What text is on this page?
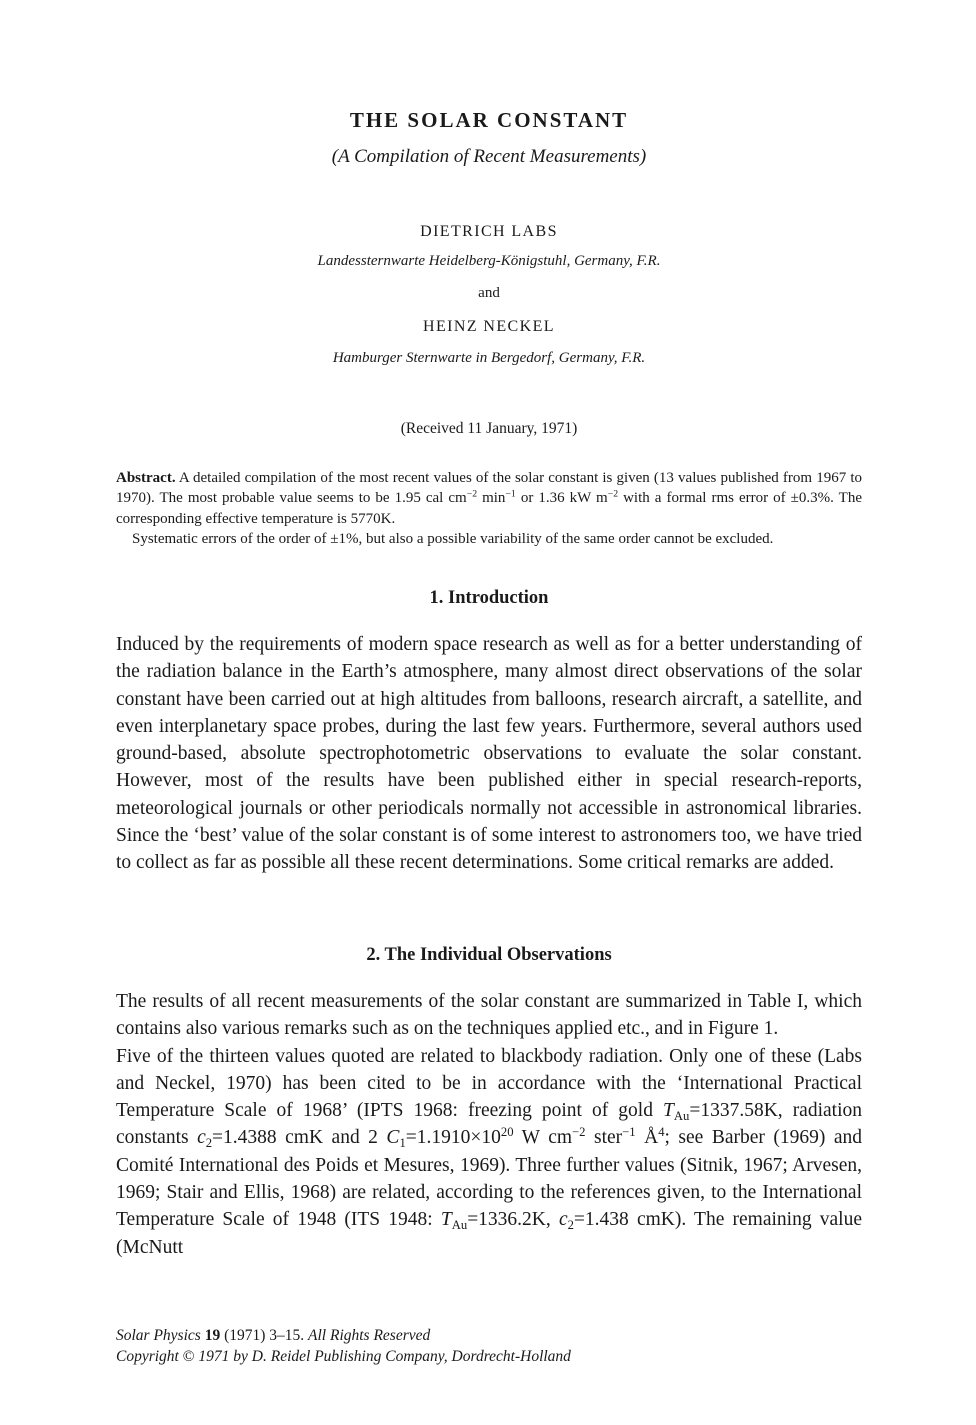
THE SOLAR CONSTANT
(A Compilation of Recent Measurements)
DIETRICH LABS
Landessternwarte Heidelberg-Königstuhl, Germany, F.R.
and
HEINZ NECKEL
Hamburger Sternwarte in Bergedorf, Germany, F.R.
(Received 11 January, 1971)

Abstract. A detailed compilation of the most recent values of the solar constant is given (13 values published from 1967 to 1970). The most probable value seems to be 1.95 cal $cm^{-2}$ $\min^{-1}$ or 1.36 kW $m^{-2}$ with a formal rms error of ±0.3%. The corresponding effective temperature is 5770K.

Systematic errors of the order of ±1%, but also a possible variability of the same order cannot be excluded.

1. Introduction

Induced by the requirements of modern space research as well as for a better understanding of the radiation balance in the Earth’s atmosphere, many almost direct observations of the solar constant have been carried out at high altitudes from balloons, research aircraft, a satellite, and even interplanetary space probes, during the last few years. Furthermore, several authors used ground-based, absolute spectrophotometric observations to evaluate the solar constant. However, most of the results have been published either in special research-reports, meteorological journals or other periodicals normally not accessible in astronomical libraries. Since the ‘best’ value of the solar constant is of some interest to astronomers too, we have tried to collect as far as possible all these recent determinations. Some critical remarks are added.

2. The Individual Observations

The results of all recent measurements of the solar constant are summarized in Table I, which contains also various remarks such as on the techniques applied etc., and in Figure 1.

Five of the thirteen values quoted are related to blackbody radiation. Only one of these (Labs and Neckel, 1970) has been cited to be in accordance with the ‘International Practical Temperature Scale of 1968’ (IPTS 1968: freezing point of gold $T_{Au}=1337.58K$, radiation constants $c_2=1.4388$ cmK and 2 $C_1=1.1910\times 10^{20}$ W $cm^{-2}$ ster$^{-1}$ $Å^4$; see Barber (1969) and Comité International des Poids et Mesures, 1969). Three further values (Sitnik, 1967; Arvesen, 1969; Stair and Ellis, 1968) are related, according to the references given, to the International Temperature Scale of 1948 (ITS 1948: $T_{Au}=1336.2K$, $c_2=1.438$ cmK). The remaining value (McNutt

Solar Physics 19 (1971) 3–15. All Rights Reserved
Copyright © 1971 by D. Reidel Publishing Company, Dordrecht-Holland
